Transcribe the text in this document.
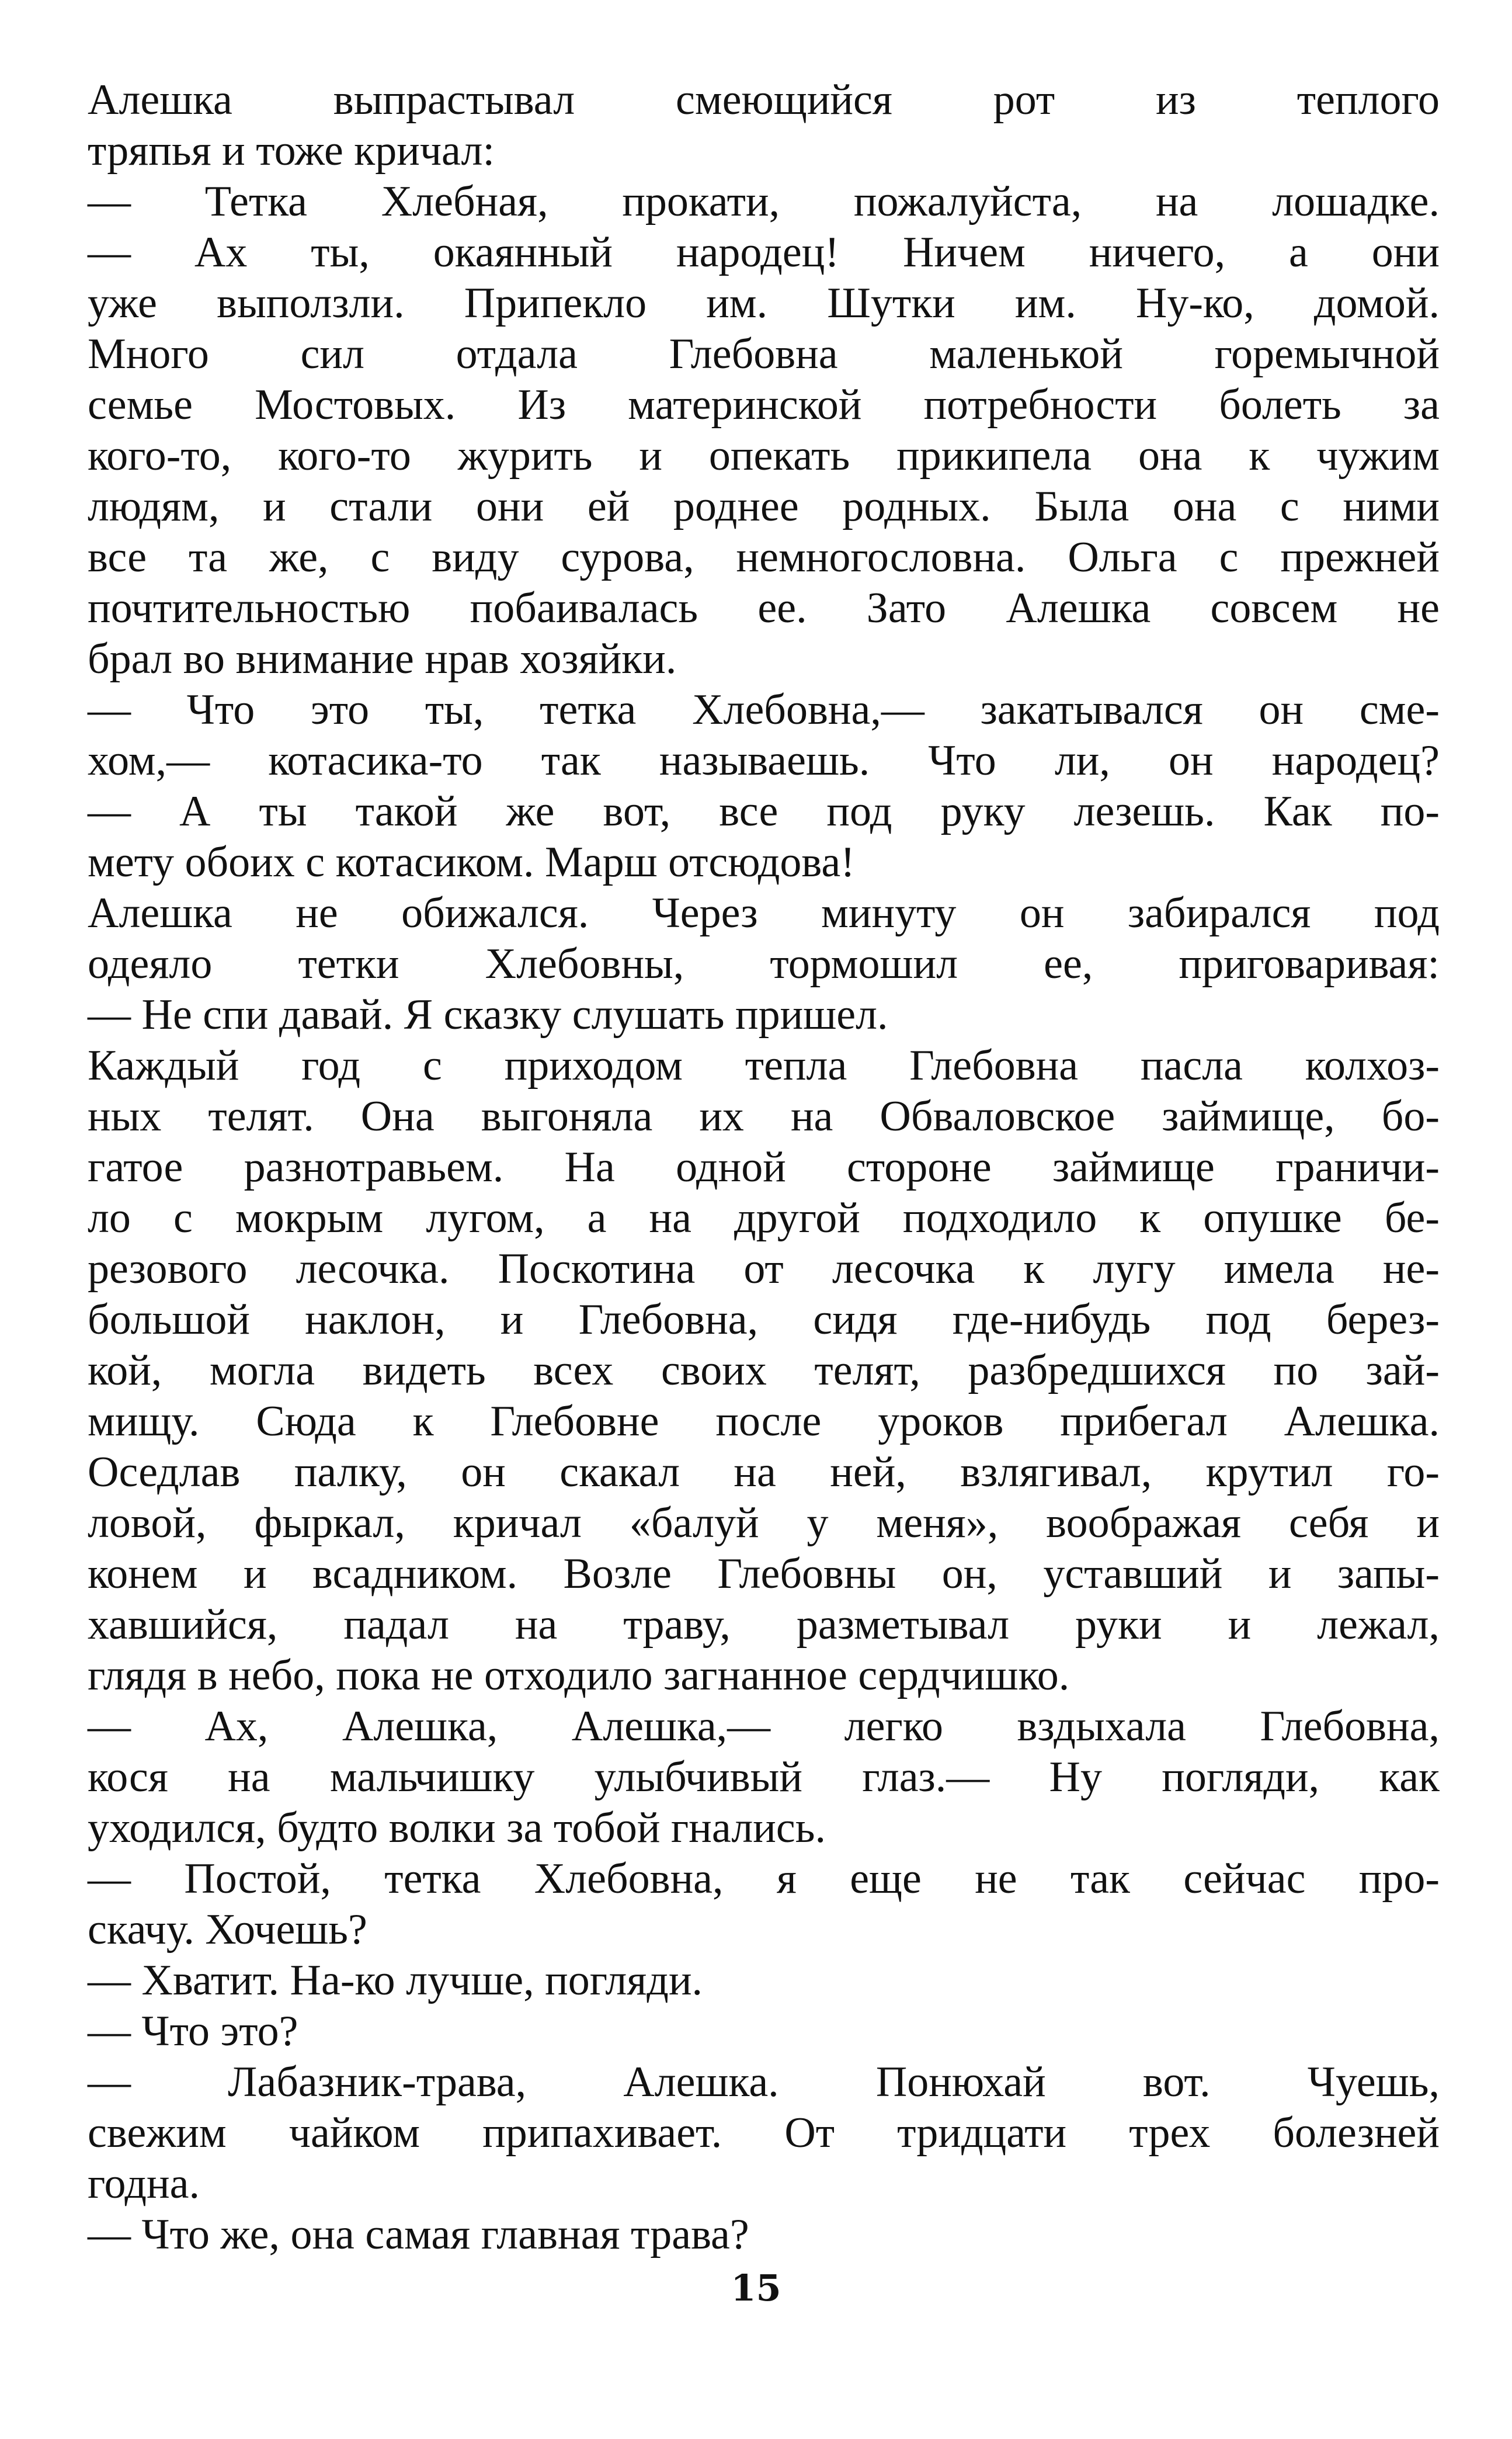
Алешка выпрастывал смеющийся рот из теплого
тряпья и тоже кричал:
— Тетка Хлебная, прокати, пожалуйста, на лошадке.
— Ах ты, окаянный народец! Ничем ничего, а они
уже выползли. Припекло им. Шутки им. Ну-ко, домой.
Много сил отдала Глебовна маленькой горемычной
семье Мостовых. Из материнской потребности болеть за
кого-то, кого-то журить и опекать прикипела она к чужим
людям, и стали они ей роднее родных. Была она с ними
все та же, с виду сурова, немногословна. Ольга с прежней
почтительностью побаивалась ее. Зато Алешка совсем не
брал во внимание нрав хозяйки.
— Что это ты, тетка Хлебовна,— закатывался он сме-
хом,— котасика-то так называешь. Что ли, он народец?
— А ты такой же вот, все под руку лезешь. Как по-
мету обоих с котасиком. Марш отсюдова!
Алешка не обижался. Через минуту он забирался под
одеяло тетки Хлебовны, тормошил ее, приговаривая:
— Не спи давай. Я сказку слушать пришел.
Каждый год с приходом тепла Глебовна пасла колхоз-
ных телят. Она выгоняла их на Обваловское займище, бо-
гатое разнотравьем. На одной стороне займище граничи-
ло с мокрым лугом, а на другой подходило к опушке бе-
резового лесочка. Поскотина от лесочка к лугу имела не-
большой наклон, и Глебовна, сидя где-нибудь под берез-
кой, могла видеть всех своих телят, разбредшихся по зай-
мищу. Сюда к Глебовне после уроков прибегал Алешка.
Оседлав палку, он скакал на ней, взлягивал, крутил го-
ловой, фыркал, кричал «балуй у меня», воображая себя и
конем и всадником. Возле Глебовны он, уставший и запы-
хавшийся, падал на траву, разметывал руки и лежал,
глядя в небо, пока не отходило загнанное сердчишко.
— Ах, Алешка, Алешка,— легко вздыхала Глебовна,
кося на мальчишку улыбчивый глаз.— Ну погляди, как
уходился, будто волки за тобой гнались.
— Постой, тетка Хлебовна, я еще не так сейчас про-
скачу. Хочешь?
— Хватит. На-ко лучше, погляди.
— Что это?
— Лабазник-трава, Алешка. Понюхай вот. Чуешь,
свежим чайком припахивает. От тридцати трех болезней
годна.
— Что же, она самая главная трава?
15
